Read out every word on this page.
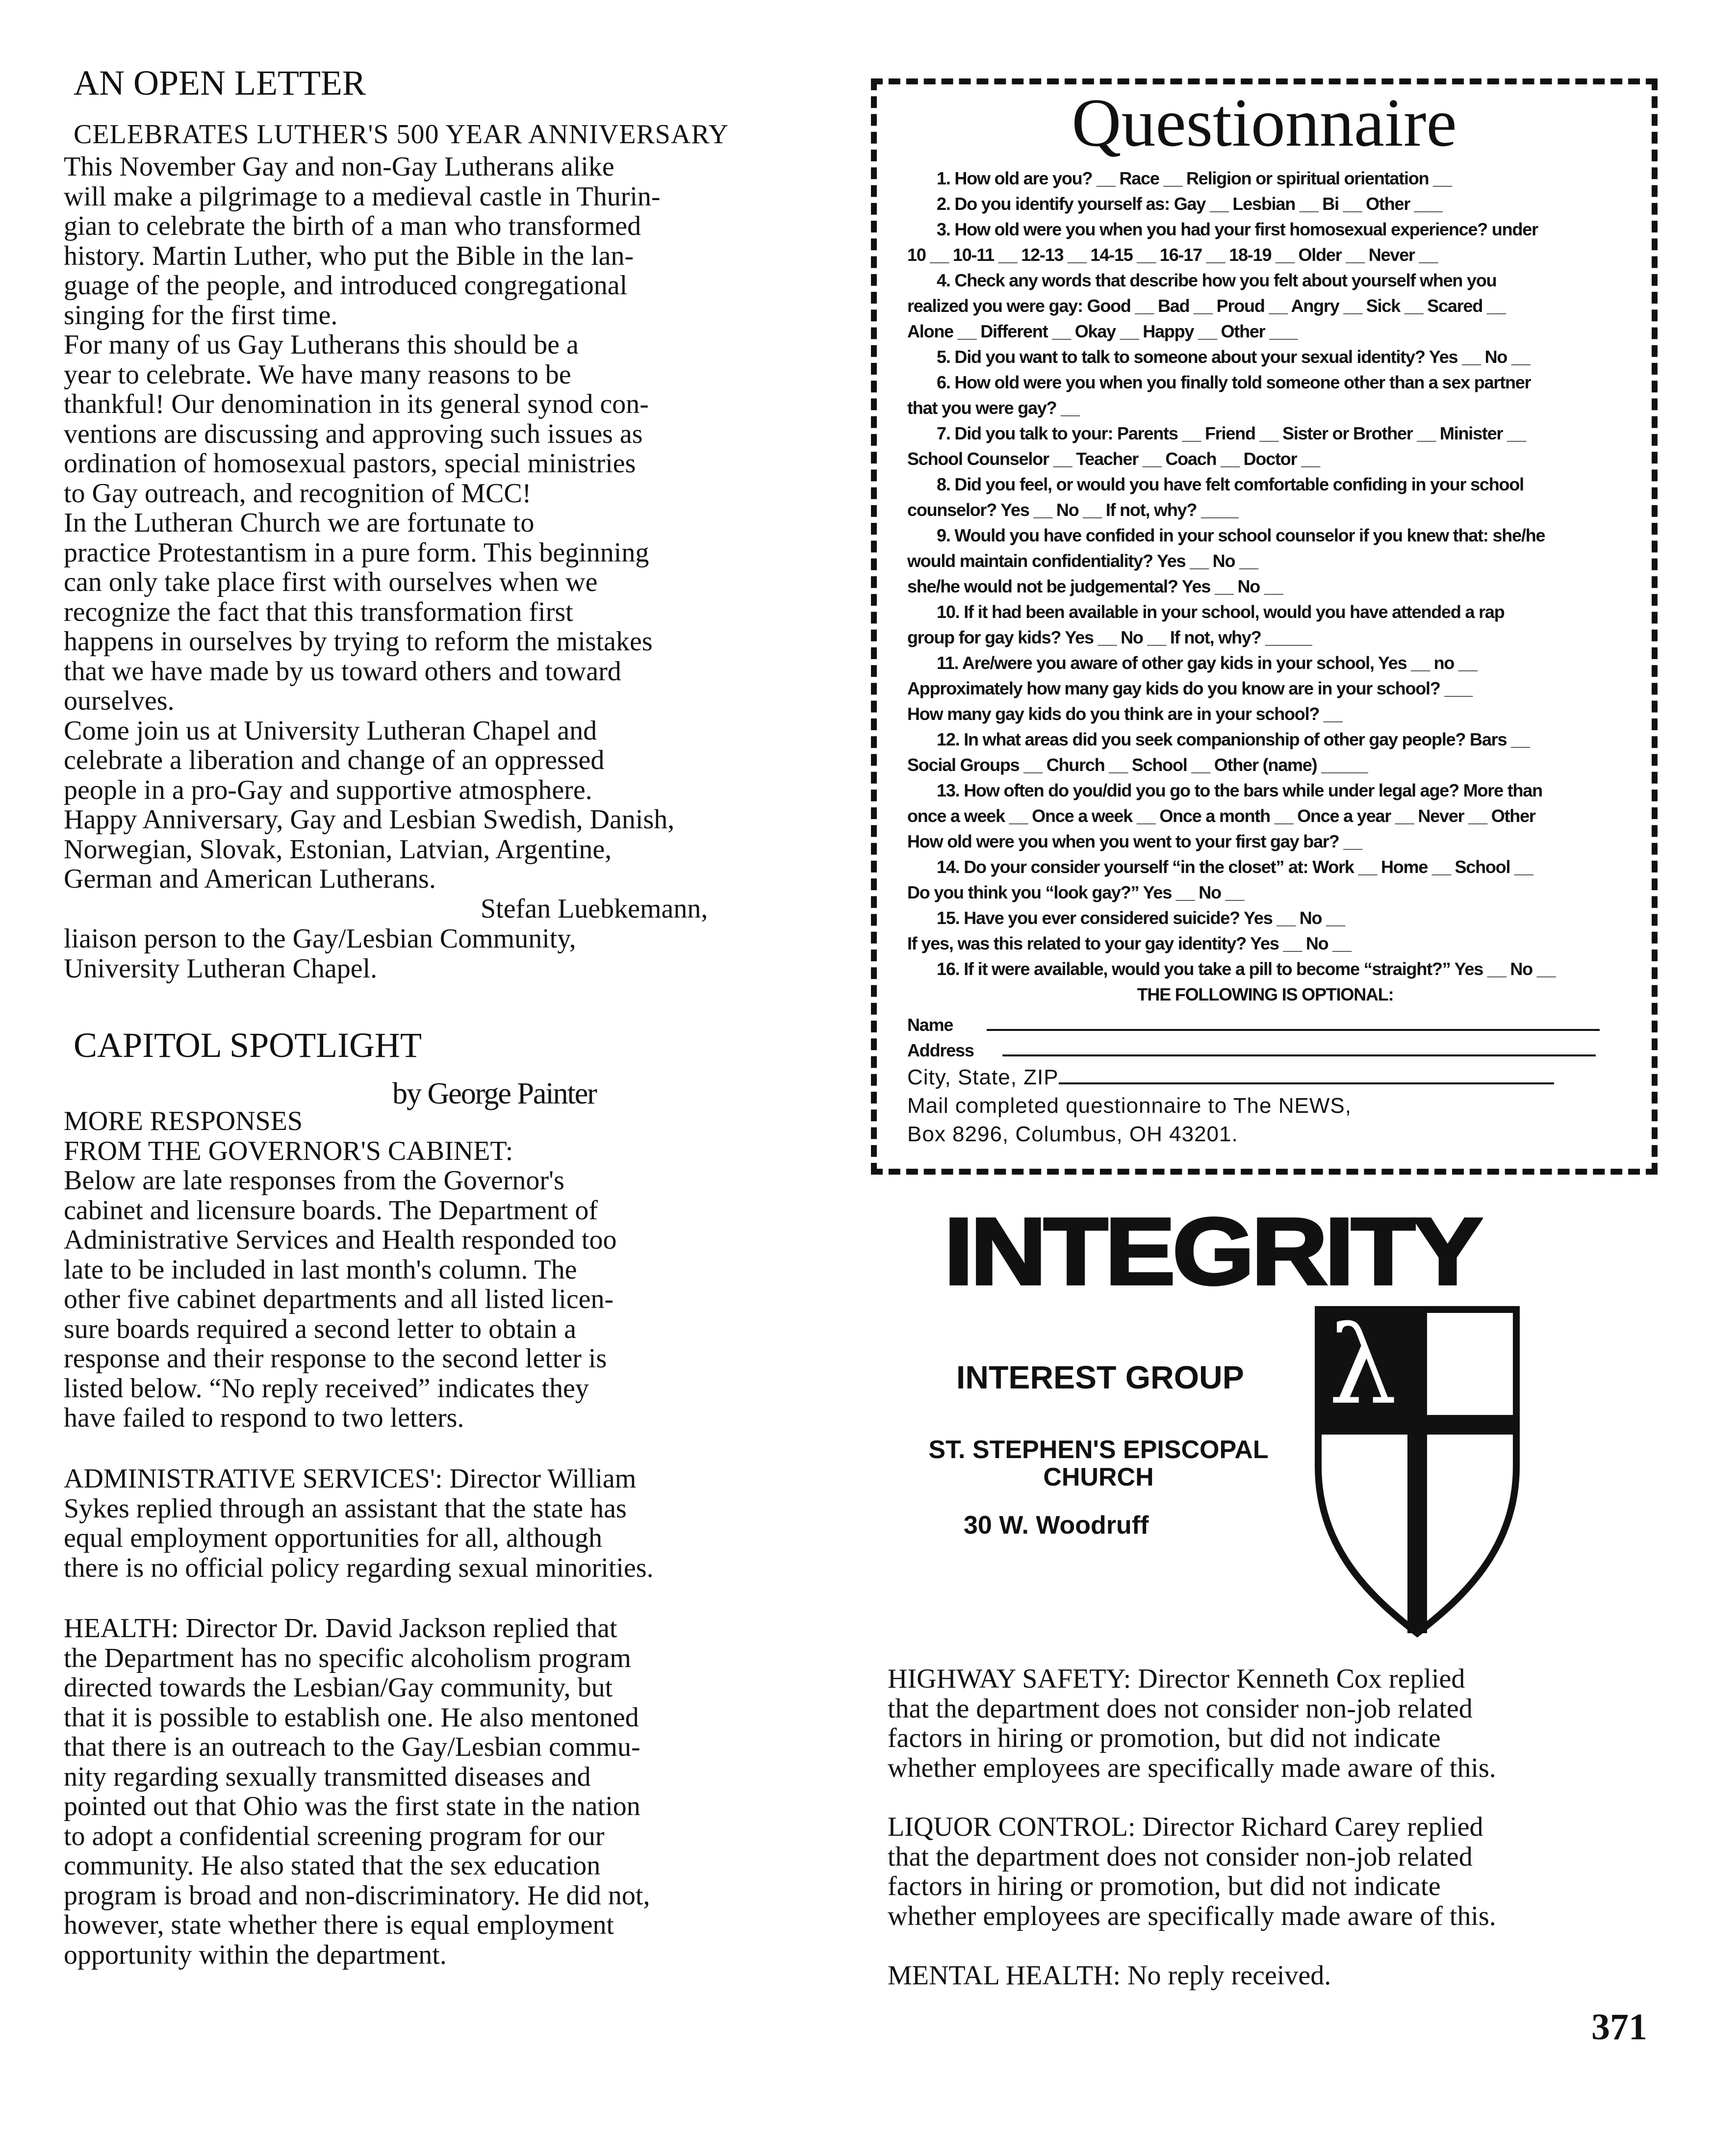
AN OPEN LETTER
CELEBRATES LUTHER'S 500 YEAR ANNIVERSARY
This November Gay and non-Gay Lutherans alike
will make a pilgrimage to a medieval castle in Thurin-
gian to celebrate the birth of a man who transformed
history. Martin Luther, who put the Bible in the lan-
guage of the people, and introduced congregational
singing for the first time.
For many of us Gay Lutherans this should be a
year to celebrate. We have many reasons to be
thankful! Our denomination in its general synod con-
ventions are discussing and approving such issues as
ordination of homosexual pastors, special ministries
to Gay outreach, and recognition of MCC!
In the Lutheran Church we are fortunate to
practice Protestantism in a pure form. This beginning
can only take place first with ourselves when we
recognize the fact that this transformation first
happens in ourselves by trying to reform the mistakes
that we have made by us toward others and toward
ourselves.
Come join us at University Lutheran Chapel and
celebrate a liberation and change of an oppressed
people in a pro-Gay and supportive atmosphere.
Happy Anniversary, Gay and Lesbian Swedish, Danish,
Norwegian, Slovak, Estonian, Latvian, Argentine,
German and American Lutherans.
Stefan Luebkemann,
liaison person to the Gay/Lesbian Community,
University Lutheran Chapel.
CAPITOL SPOTLIGHT
by George Painter
MORE RESPONSES
FROM THE GOVERNOR'S CABINET:
Below are late responses from the Governor's
cabinet and licensure boards. The Department of
Administrative Services and Health responded too
late to be included in last month's column. The
other five cabinet departments and all listed licen-
sure boards required a second letter to obtain a
response and their response to the second letter is
listed below. “No reply received” indicates they
have failed to respond to two letters.
ADMINISTRATIVE SERVICES': Director William
Sykes replied through an assistant that the state has
equal employment opportunities for all, although
there is no official policy regarding sexual minorities.
HEALTH: Director Dr. David Jackson replied that
the Department has no specific alcoholism program
directed towards the Lesbian/Gay community, but
that it is possible to establish one. He also mentoned
that there is an outreach to the Gay/Lesbian commu-
nity regarding sexually transmitted diseases and
pointed out that Ohio was the first state in the nation
to adopt a confidential screening program for our
community. He also stated that the sex education
program is broad and non-discriminatory. He did not,
however, state whether there is equal employment
opportunity within the department.
Questionnaire
1. How old are you? __ Race __ Religion or spiritual orientation __
2. Do you identify yourself as: Gay __ Lesbian __ Bi __ Other ___
3. How old were you when you had your first homosexual experience? under
10 __ 10-11 __ 12-13 __ 14-15 __ 16-17 __ 18-19 __ Older __ Never __
4. Check any words that describe how you felt about yourself when you
realized you were gay: Good __ Bad __ Proud __ Angry __ Sick __ Scared __
Alone __ Different __ Okay __ Happy __ Other ___
5. Did you want to talk to someone about your sexual identity? Yes __ No __
6. How old were you when you finally told someone other than a sex partner
that you were gay? __
7. Did you talk to your: Parents __ Friend __ Sister or Brother __ Minister __
School Counselor __ Teacher __ Coach __ Doctor __
8. Did you feel, or would you have felt comfortable confiding in your school
counselor? Yes __ No __ If not, why? ____
9. Would you have confided in your school counselor if you knew that: she/he
would maintain confidentiality? Yes __ No __
she/he would not be judgemental? Yes __ No __
10. If it had been available in your school, would you have attended a rap
group for gay kids? Yes __ No __ If not, why? _____
11. Are/were you aware of other gay kids in your school, Yes __ no __
Approximately how many gay kids do you know are in your school? ___
How many gay kids do you think are in your school? __
12. In what areas did you seek companionship of other gay people? Bars __
Social Groups __ Church __ School __ Other (name) _____
13. How often do you/did you go to the bars while under legal age? More than
once a week __ Once a week __ Once a month __ Once a year __ Never __ Other
How old were you when you went to your first gay bar? __
14. Do your consider yourself “in the closet” at: Work __ Home __ School __
Do you think you “look gay?” Yes __ No __
15. Have you ever considered suicide? Yes __ No __
If yes, was this related to your gay identity? Yes __ No __
16. If it were available, would you take a pill to become “straight?” Yes __ No __
THE FOLLOWING IS OPTIONAL:
Name
Address
City, State, ZIP
Mail completed questionnaire to The NEWS,
Box 8296, Columbus, OH 43201.
INTEGRITY
INTEREST GROUP
ST. STEPHEN'S EPISCOPAL
CHURCH
30 W. Woodruff
λ
HIGHWAY SAFETY: Director Kenneth Cox replied
that the department does not consider non-job related
factors in hiring or promotion, but did not indicate
whether employees are specifically made aware of this.
LIQUOR CONTROL: Director Richard Carey replied
that the department does not consider non-job related
factors in hiring or promotion, but did not indicate
whether employees are specifically made aware of this.
MENTAL HEALTH: No reply received.
371
